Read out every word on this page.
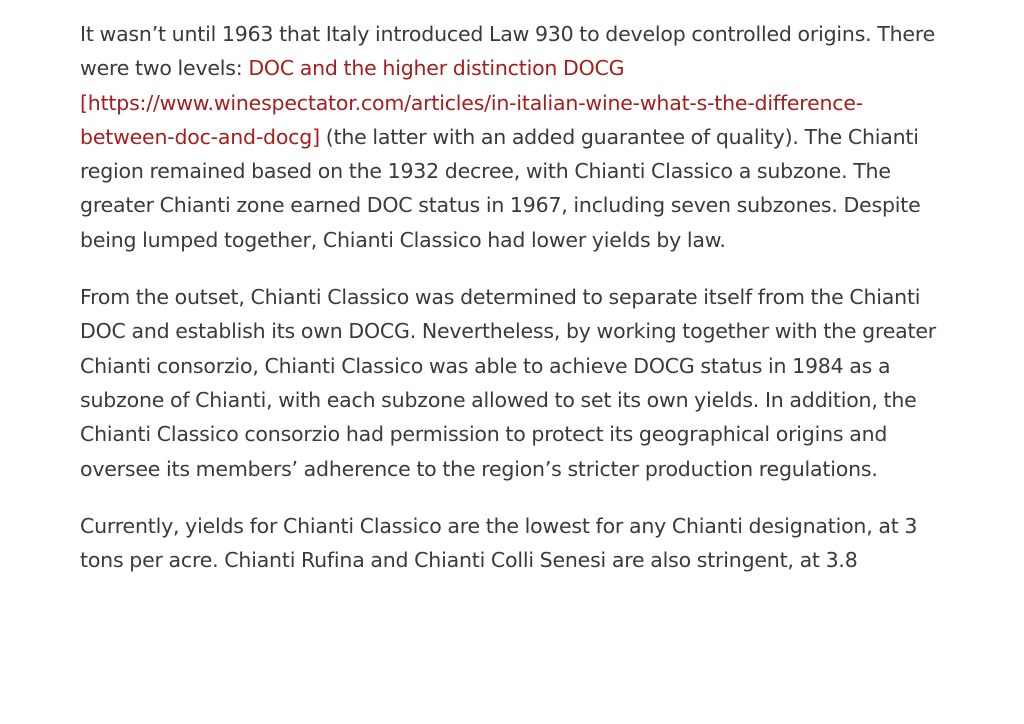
It wasn’t until 1963 that Italy introduced Law 930 to develop controlled origins. There were two levels: DOC and the higher distinction DOCG [https://www.winespectator.com/articles/in-italian-wine-what-s-the-difference-between-doc-and-docg] (the latter with an added guarantee of quality). The Chianti region remained based on the 1932 decree, with Chianti Classico a subzone. The greater Chianti zone earned DOC status in 1967, including seven subzones. Despite being lumped together, Chianti Classico had lower yields by law.

From the outset, Chianti Classico was determined to separate itself from the Chianti DOC and establish its own DOCG. Nevertheless, by working together with the greater Chianti consorzio, Chianti Classico was able to achieve DOCG status in 1984 as a subzone of Chianti, with each subzone allowed to set its own yields. In addition, the Chianti Classico consorzio had permission to protect its geographical origins and oversee its members’ adherence to the region’s stricter production regulations.

Currently, yields for Chianti Classico are the lowest for any Chianti designation, at 3 tons per acre. Chianti Rufina and Chianti Colli Senesi are also stringent, at 3.8
